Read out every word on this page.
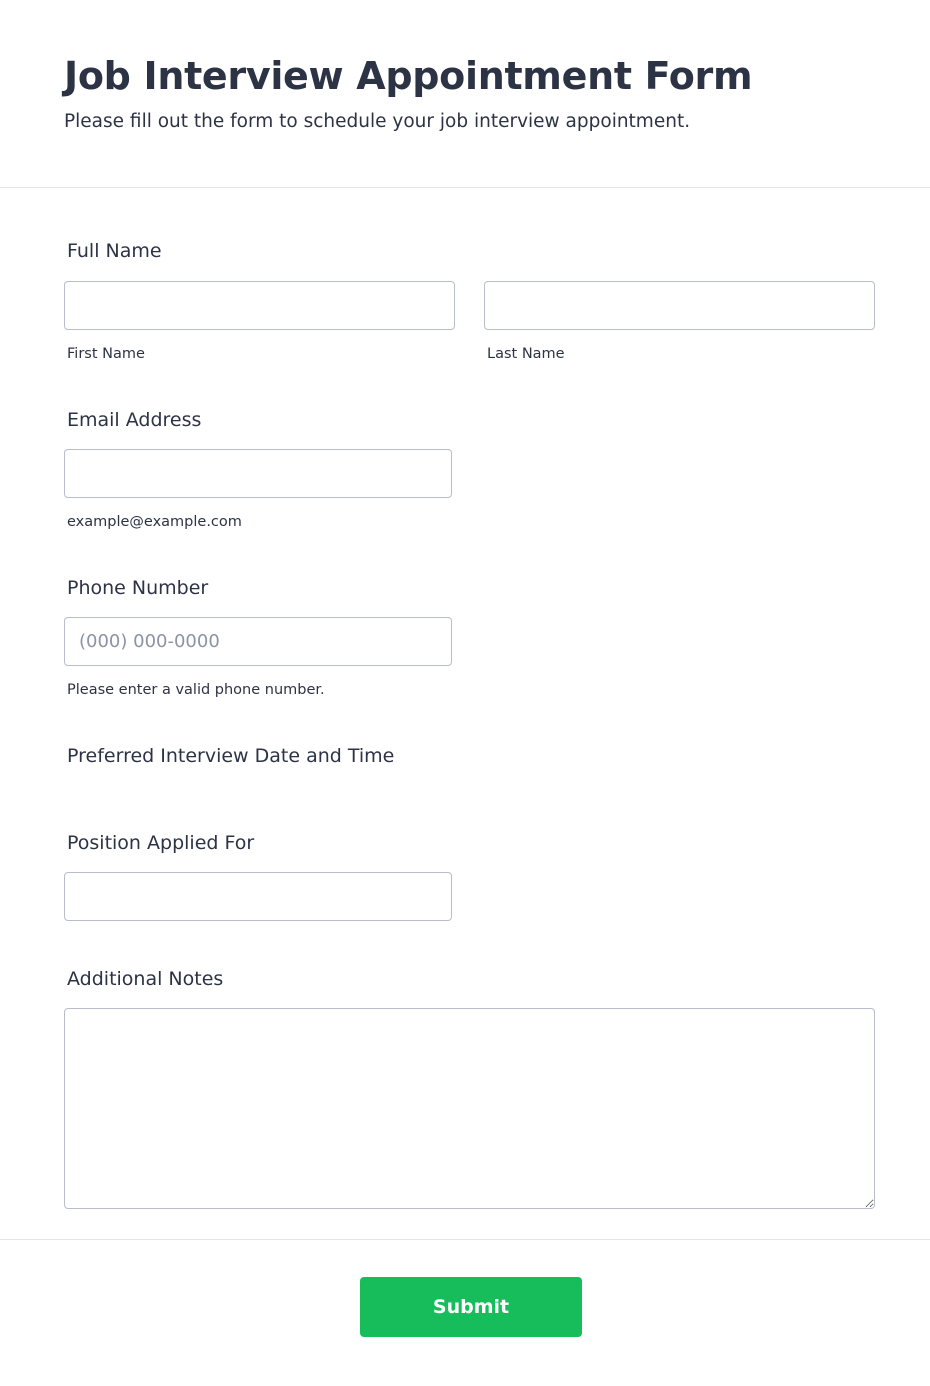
Job Interview Appointment Form

Please fill out the form to schedule your job interview appointment.

Full Name
First Name	Last Name
Email Address
example@example.com
Phone Number
(000) 000-0000
Please enter a valid phone number.
Preferred Interview Date and Time
Position Applied For
Additional Notes
Submit
